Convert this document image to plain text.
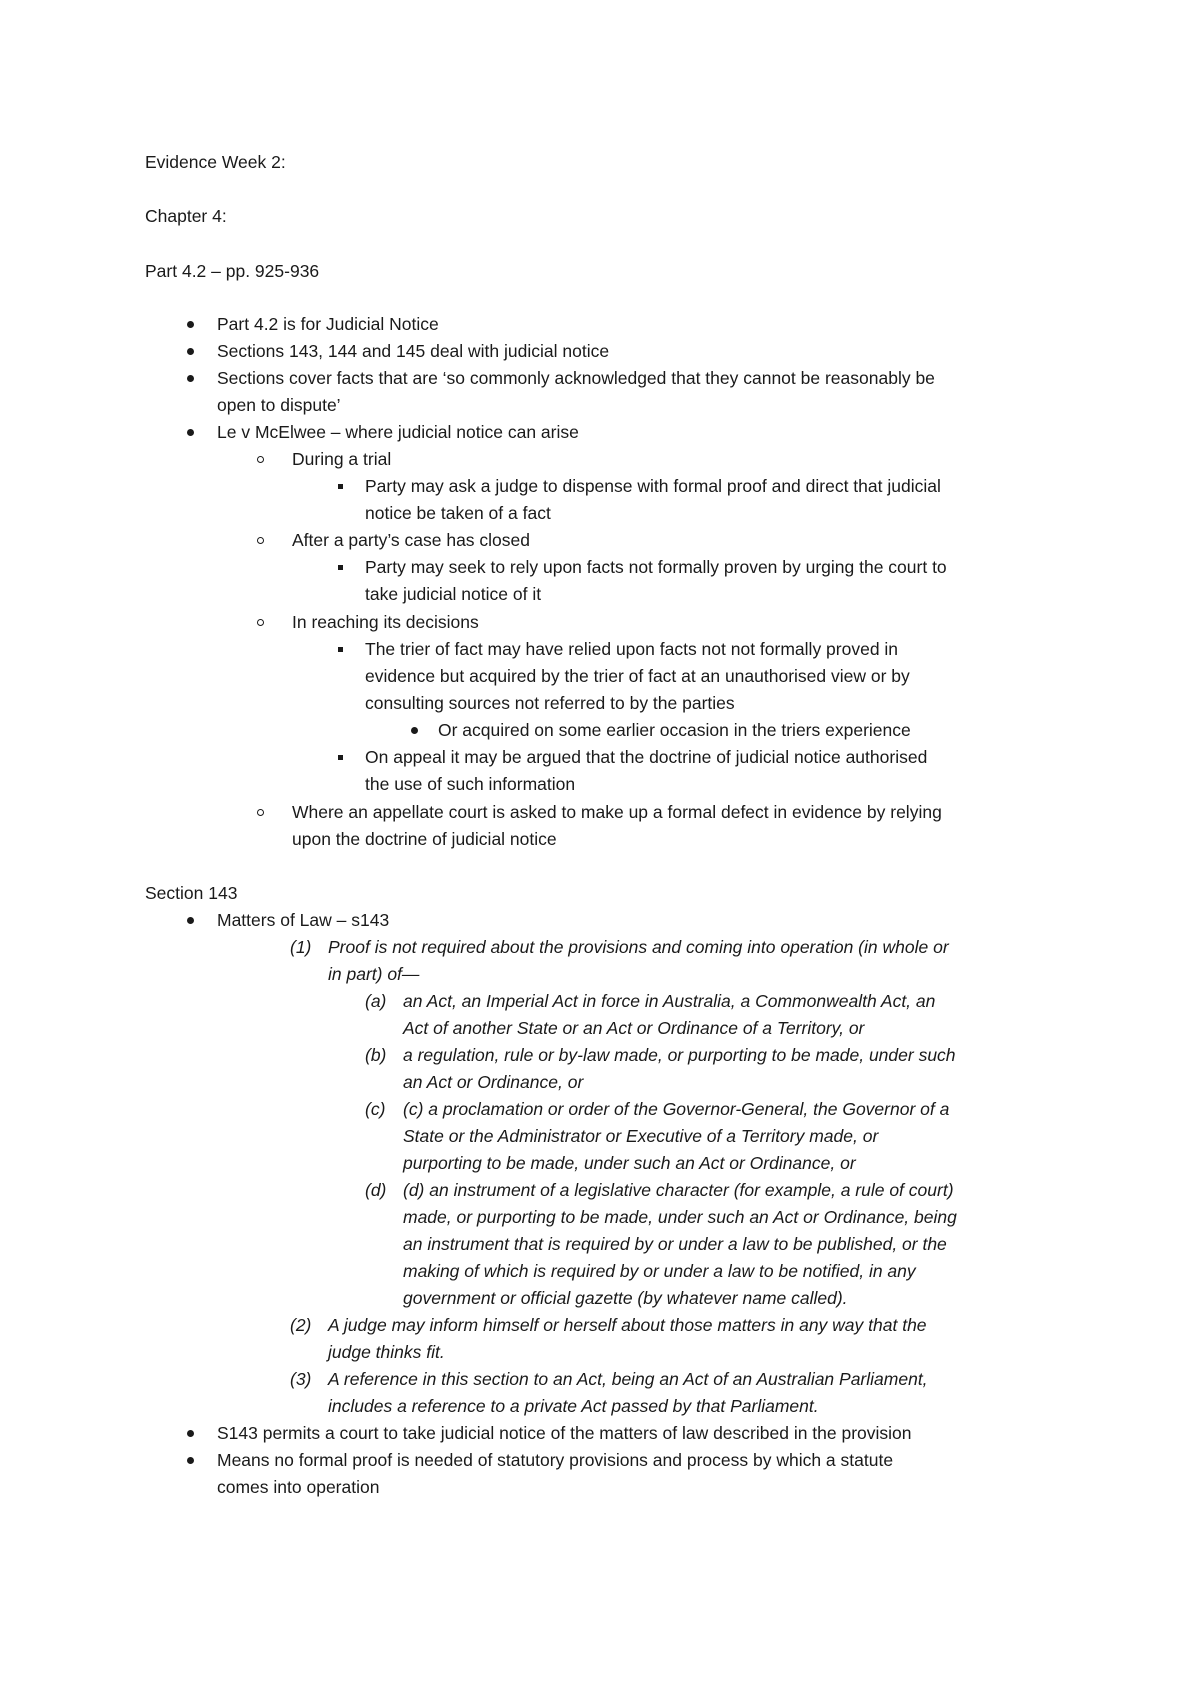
Evidence Week 2:
Chapter 4:
Part 4.2 – pp. 925-936
Part 4.2 is for Judicial Notice
Sections 143, 144 and 145 deal with judicial notice
Sections cover facts that are ‘so commonly acknowledged that they cannot be reasonably be
open to dispute’
Le v McElwee – where judicial notice can arise
During a trial
Party may ask a judge to dispense with formal proof and direct that judicial
notice be taken of a fact
After a party’s case has closed
Party may seek to rely upon facts not formally proven by urging the court to
take judicial notice of it
In reaching its decisions
The trier of fact may have relied upon facts not not formally proved in
evidence but acquired by the trier of fact at an unauthorised view or by
consulting sources not referred to by the parties
Or acquired on some earlier occasion in the triers experience
On appeal it may be argued that the doctrine of judicial notice authorised
the use of such information
Where an appellate court is asked to make up a formal defect in evidence by relying
upon the doctrine of judicial notice
Section 143
Matters of Law – s143
(1) Proof is not required about the provisions and coming into operation (in whole or
in part) of—
(a) an Act, an Imperial Act in force in Australia, a Commonwealth Act, an
Act of another State or an Act or Ordinance of a Territory, or
(b) a regulation, rule or by-law made, or purporting to be made, under such
an Act or Ordinance, or
(c) (c) a proclamation or order of the Governor-General, the Governor of a
State or the Administrator or Executive of a Territory made, or
purporting to be made, under such an Act or Ordinance, or
(d) (d) an instrument of a legislative character (for example, a rule of court)
made, or purporting to be made, under such an Act or Ordinance, being
an instrument that is required by or under a law to be published, or the
making of which is required by or under a law to be notified, in any
government or official gazette (by whatever name called).
(2) A judge may inform himself or herself about those matters in any way that the
judge thinks fit.
(3) A reference in this section to an Act, being an Act of an Australian Parliament,
includes a reference to a private Act passed by that Parliament.
S143 permits a court to take judicial notice of the matters of law described in the provision
Means no formal proof is needed of statutory provisions and process by which a statute
comes into operation
